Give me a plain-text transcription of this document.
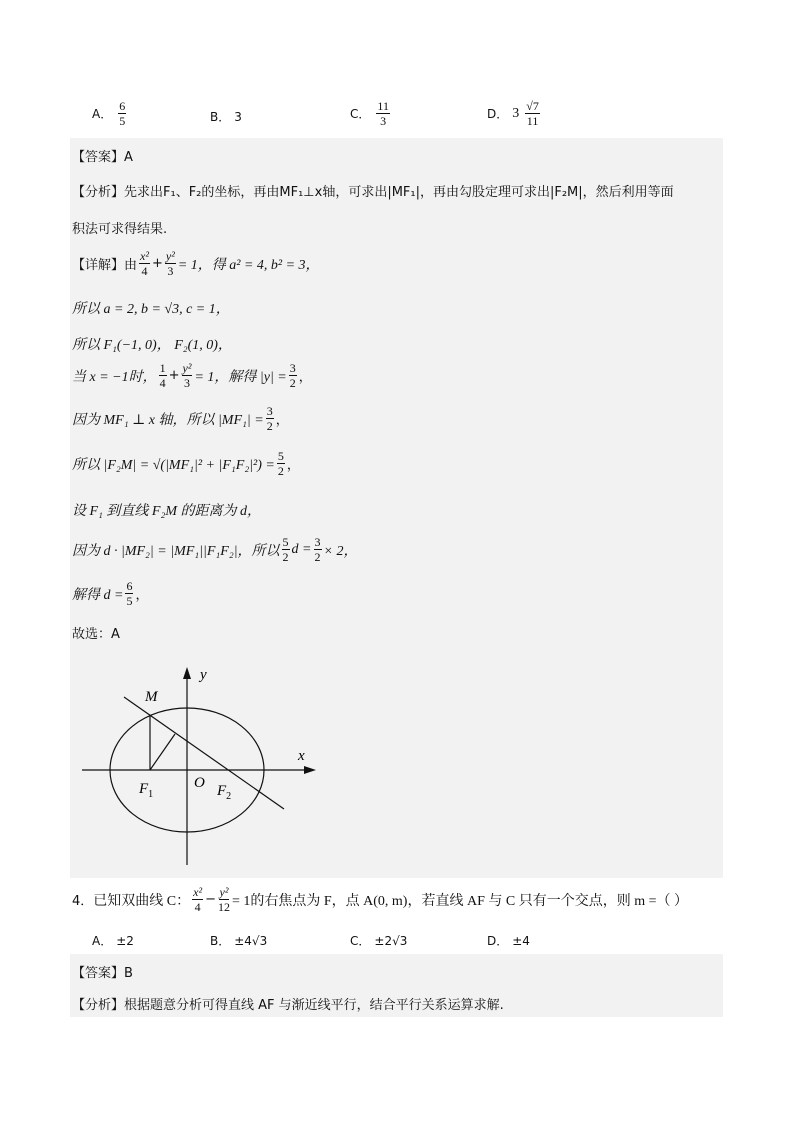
A． $\frac{6}{5}$	B． 3	C． $\frac{11}{3}$	D． $3 \frac{√7}{11}$
【答案】A
【分析】先求出F₁、F₂的坐标，再由MF₁⊥x轴，可求出|MF₁|，再由勾股定理可求出|F₂M|，然后利用等面
积法可求得结果.
【详解】 由 $\frac{\text{x²}}{4} + \frac{\text{y²}}{3} = 1$，得 a² = 4, b² = 3，
所以 a = 2, b = √3, c = 1，
所以 F₁(−1, 0)， F₂(1, 0)，
当 x = −1时， $\frac{1}{4} + \frac{\text{y²}}{3} = 1$，解得 $|y| = \frac{3}{2}$ ，
因为 MF₁ ⊥ x 轴，所以 $|MF_1| = \frac{3}{2}$ ，
所以 $|F_2M| = √(|MF_1|^2 + |F_1F_2|^2) = \frac{5}{2}$ ，
设 F₁ 到直线 F₂M 的距离为 d，
因为 d · |MF₂| = |MF₁||F₁F₂|，所以 $\frac{5}{2}$ $d = \frac{3}{2} \times 2$，
解得 $d = \frac{6}{5}$ ，
故选：A
y
x
M
O
$F_1$	$F_2$
4． 已知双曲线 C： $\frac{\text{x²}}{4} - \frac{\text{y²}}{12} = 1$的右焦点为 F，点 A(0, m)，若直线 AF 与 C 只有一个交点，则 m =（ ）
A． ±2	B． ±4√3	C． ±2√3	D． ±4
【答案】B
【分析】根据题意分析可得直线 AF 与渐近线平行，结合平行关系运算求解.
